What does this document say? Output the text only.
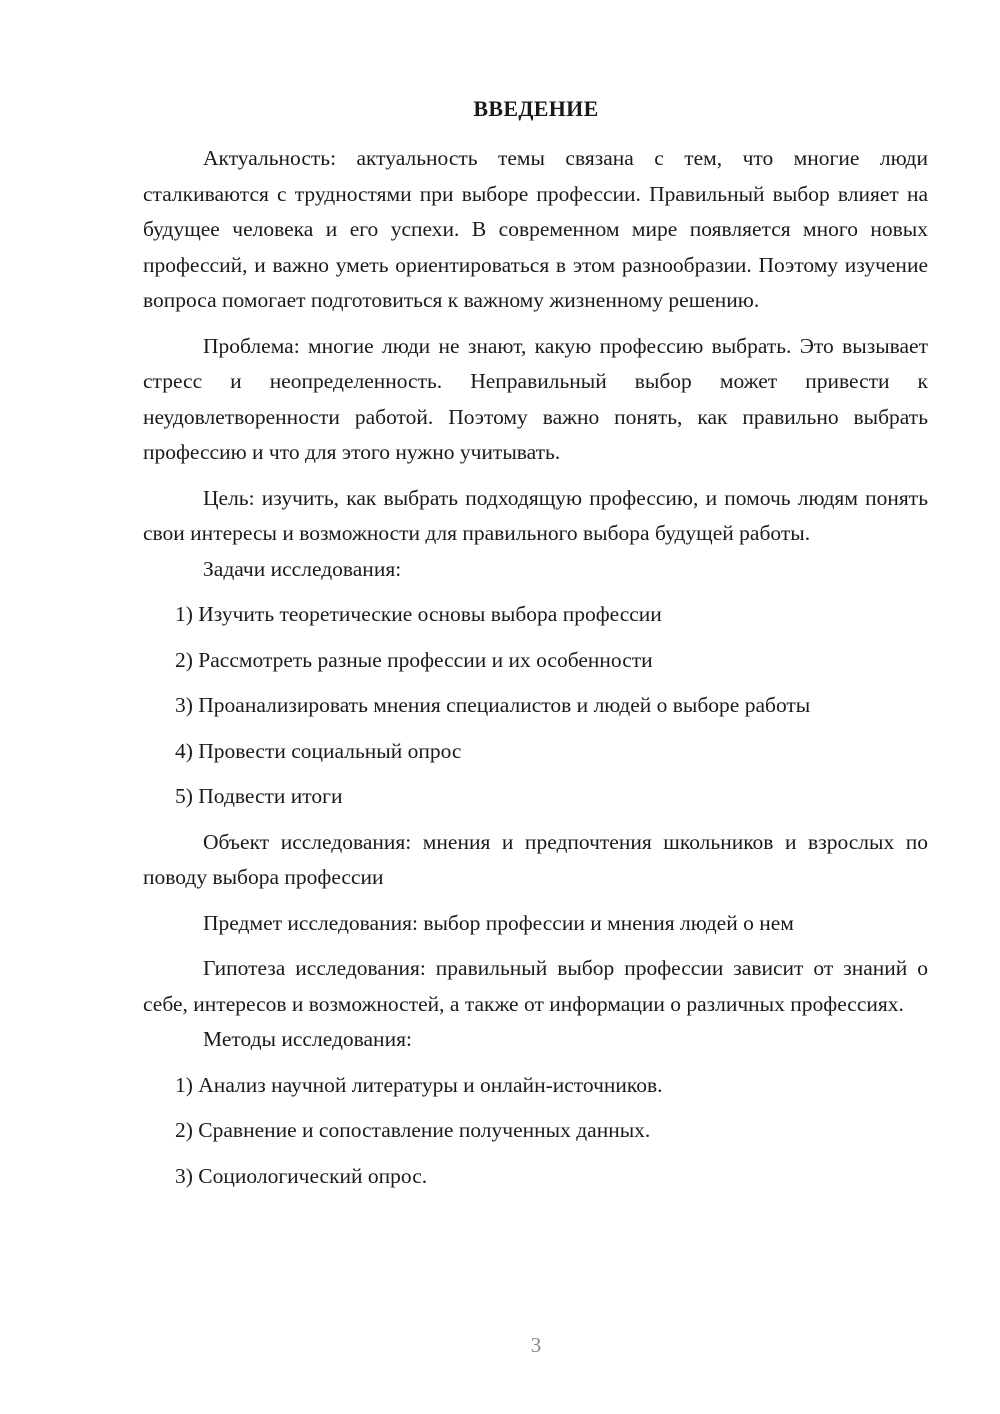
ВВЕДЕНИЕ

Актуальность: актуальность темы связана с тем, что многие люди сталкиваются с трудностями при выборе профессии. Правильный выбор влияет на будущее человека и его успехи. В современном мире появляется много новых профессий, и важно уметь ориентироваться в этом разнообразии. Поэтому изучение вопроса помогает подготовиться к важному жизненному решению.

Проблема: многие люди не знают, какую профессию выбрать. Это вызывает стресс и неопределенность. Неправильный выбор может привести к неудовлетворенности работой. Поэтому важно понять, как правильно выбрать профессию и что для этого нужно учитывать.

Цель: изучить, как выбрать подходящую профессию, и помочь людям понять свои интересы и возможности для правильного выбора будущей работы.

Задачи исследования:

1) Изучить теоретические основы выбора профессии

2) Рассмотреть разные профессии и их особенности

3) Проанализировать мнения специалистов и людей о выборе работы

4) Провести социальный опрос

5) Подвести итоги

Объект исследования: мнения и предпочтения школьников и взрослых по поводу выбора профессии

Предмет исследования: выбор профессии и мнения людей о нем

Гипотеза исследования: правильный выбор профессии зависит от знаний о себе, интересов и возможностей, а также от информации о различных профессиях.

Методы исследования:

1) Анализ научной литературы и онлайн-источников.

2) Сравнение и сопоставление полученных данных.

3) Социологический опрос.

3
